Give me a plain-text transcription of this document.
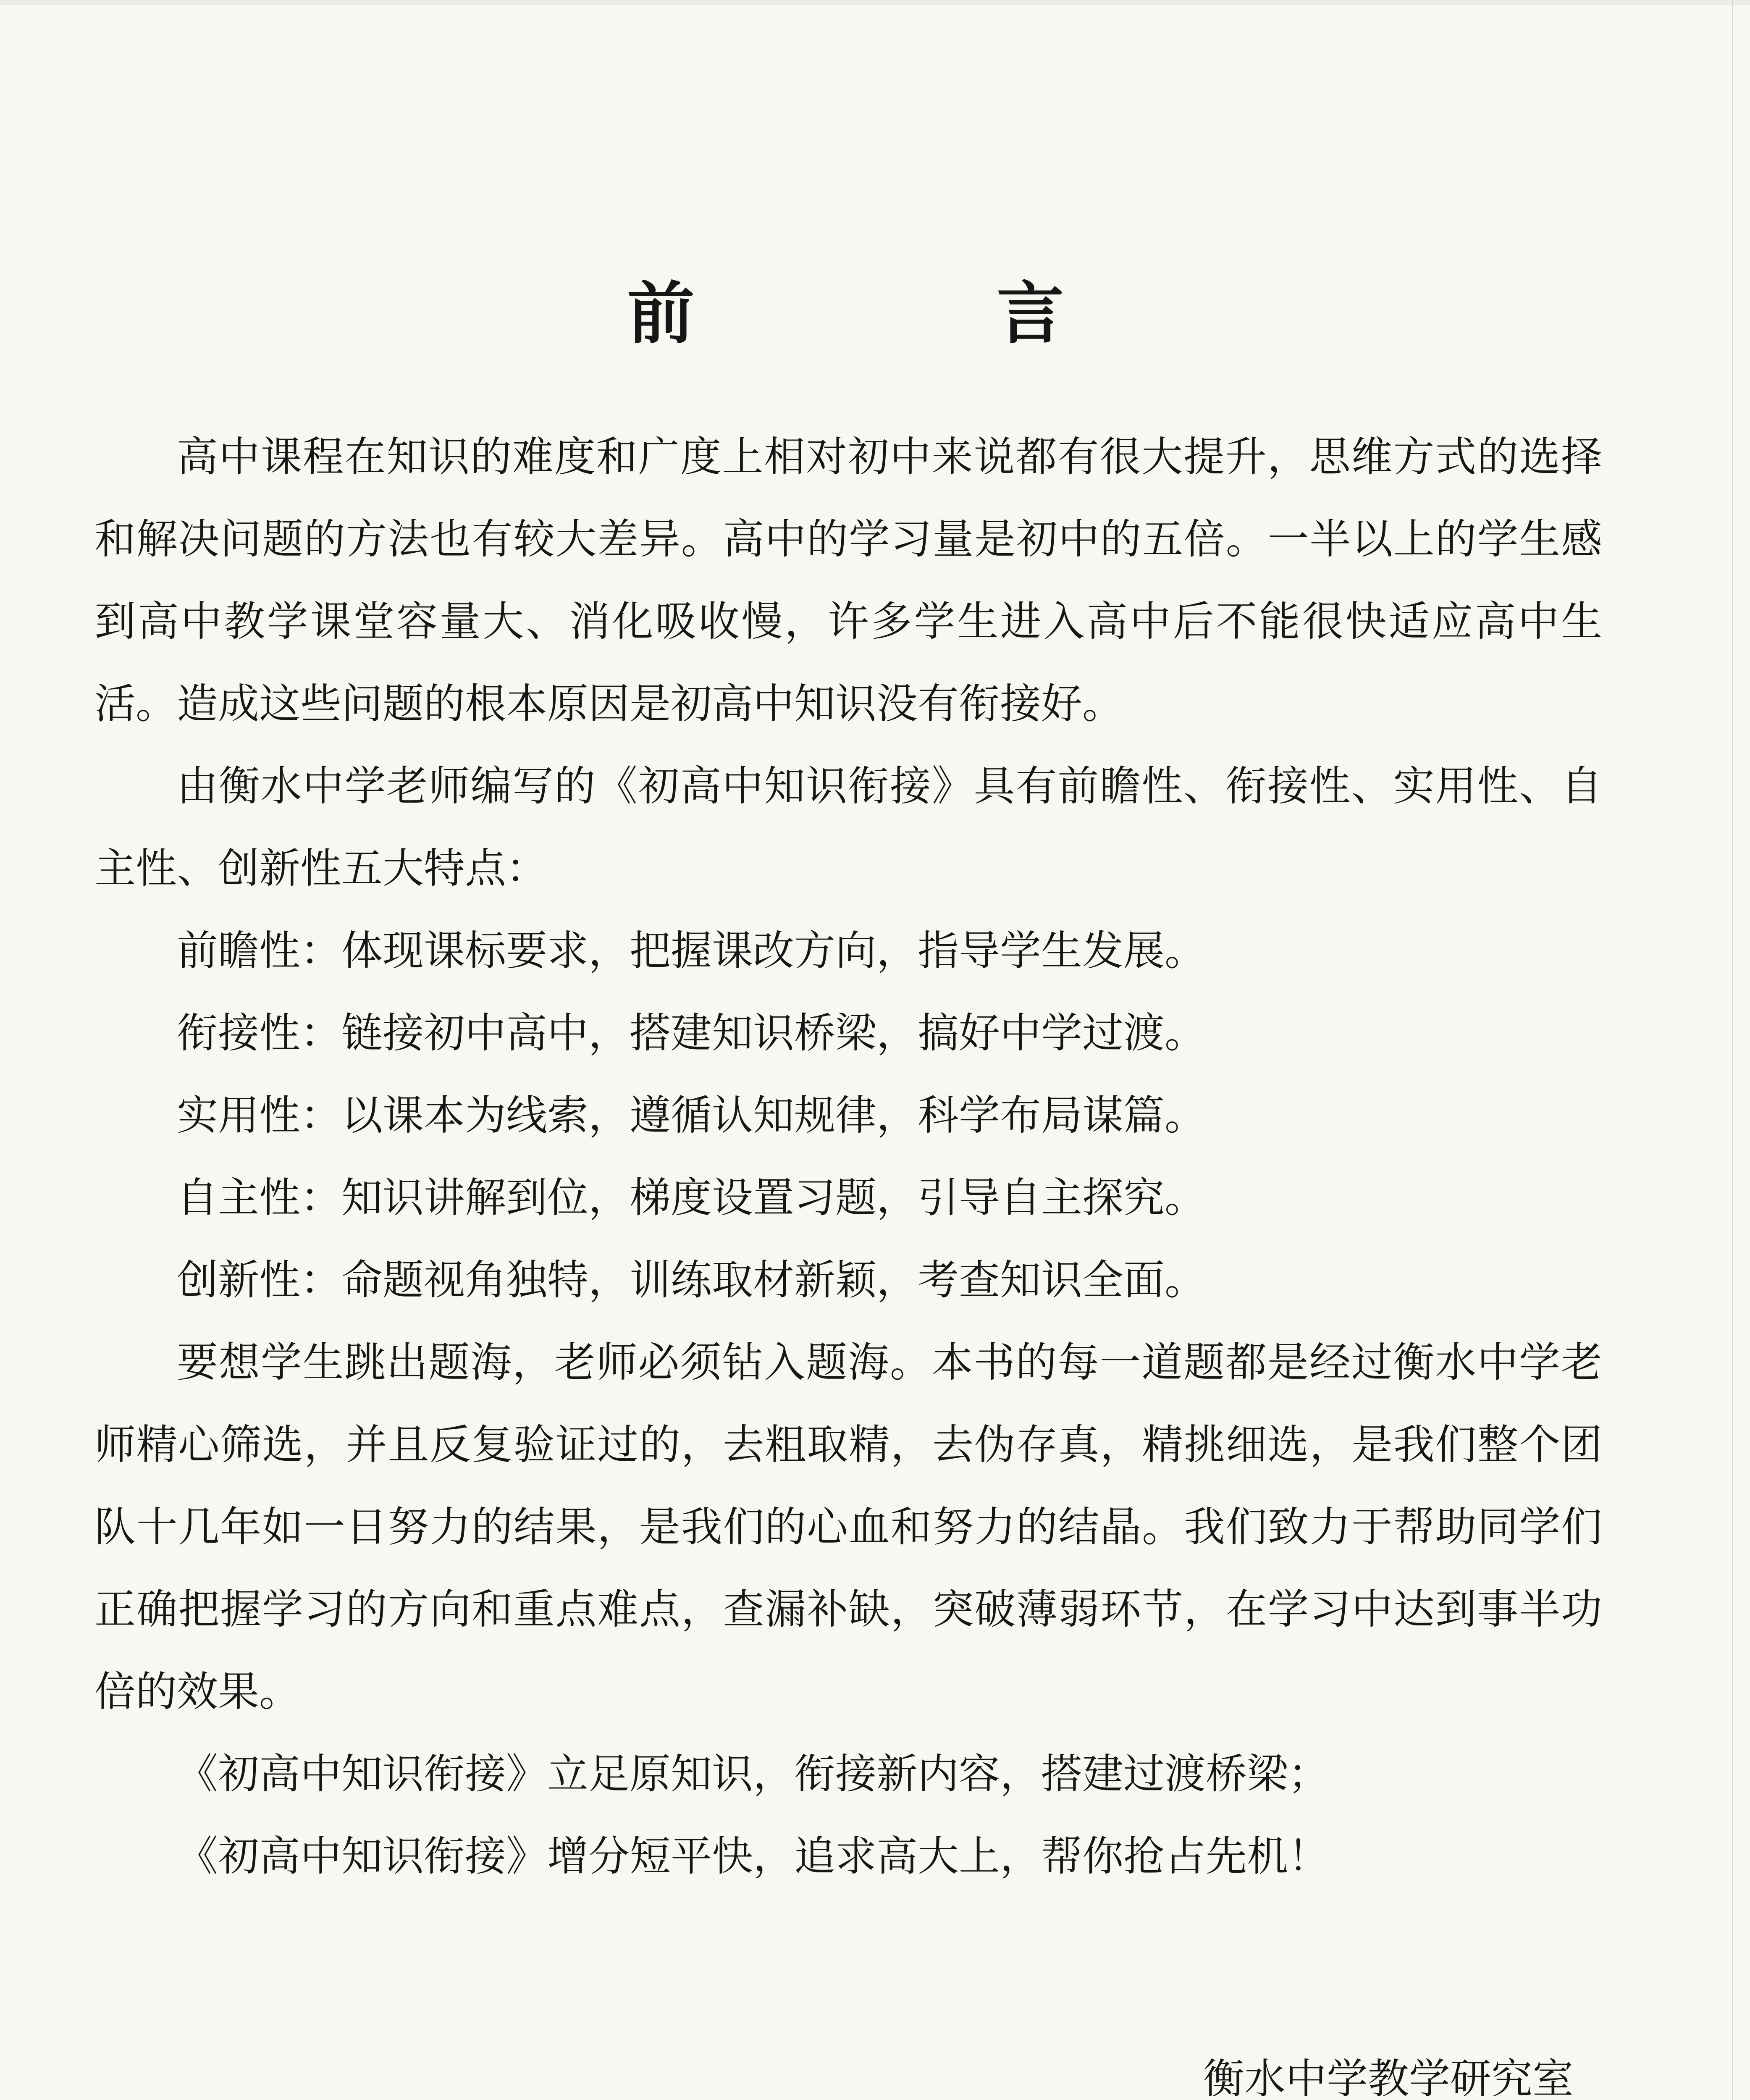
前　言

高中课程在知识的难度和广度上相对初中来说都有很大提升，思维方式的选择和解决问题的方法也有较大差异。高中的学习量是初中的五倍。一半以上的学生感到高中教学课堂容量大、消化吸收慢，许多学生进入高中后不能很快适应高中生活。造成这些问题的根本原因是初高中知识没有衔接好。

由衡水中学老师编写的《初高中知识衔接》具有前瞻性、衔接性、实用性、自主性、创新性五大特点：

前瞻性：体现课标要求，把握课改方向，指导学生发展。

衔接性：链接初中高中，搭建知识桥梁，搞好中学过渡。

实用性：以课本为线索，遵循认知规律，科学布局谋篇。

自主性：知识讲解到位，梯度设置习题，引导自主探究。

创新性：命题视角独特，训练取材新颖，考查知识全面。

要想学生跳出题海，老师必须钻入题海。本书的每一道题都是经过衡水中学老师精心筛选，并且反复验证过的，去粗取精，去伪存真，精挑细选，是我们整个团队十几年如一日努力的结果，是我们的心血和努力的结晶。我们致力于帮助同学们正确把握学习的方向和重点难点，查漏补缺，突破薄弱环节，在学习中达到事半功倍的效果。

《初高中知识衔接》立足原知识，衔接新内容，搭建过渡桥梁；

《初高中知识衔接》增分短平快，追求高大上，帮你抢占先机！

衡水中学教学研究室
